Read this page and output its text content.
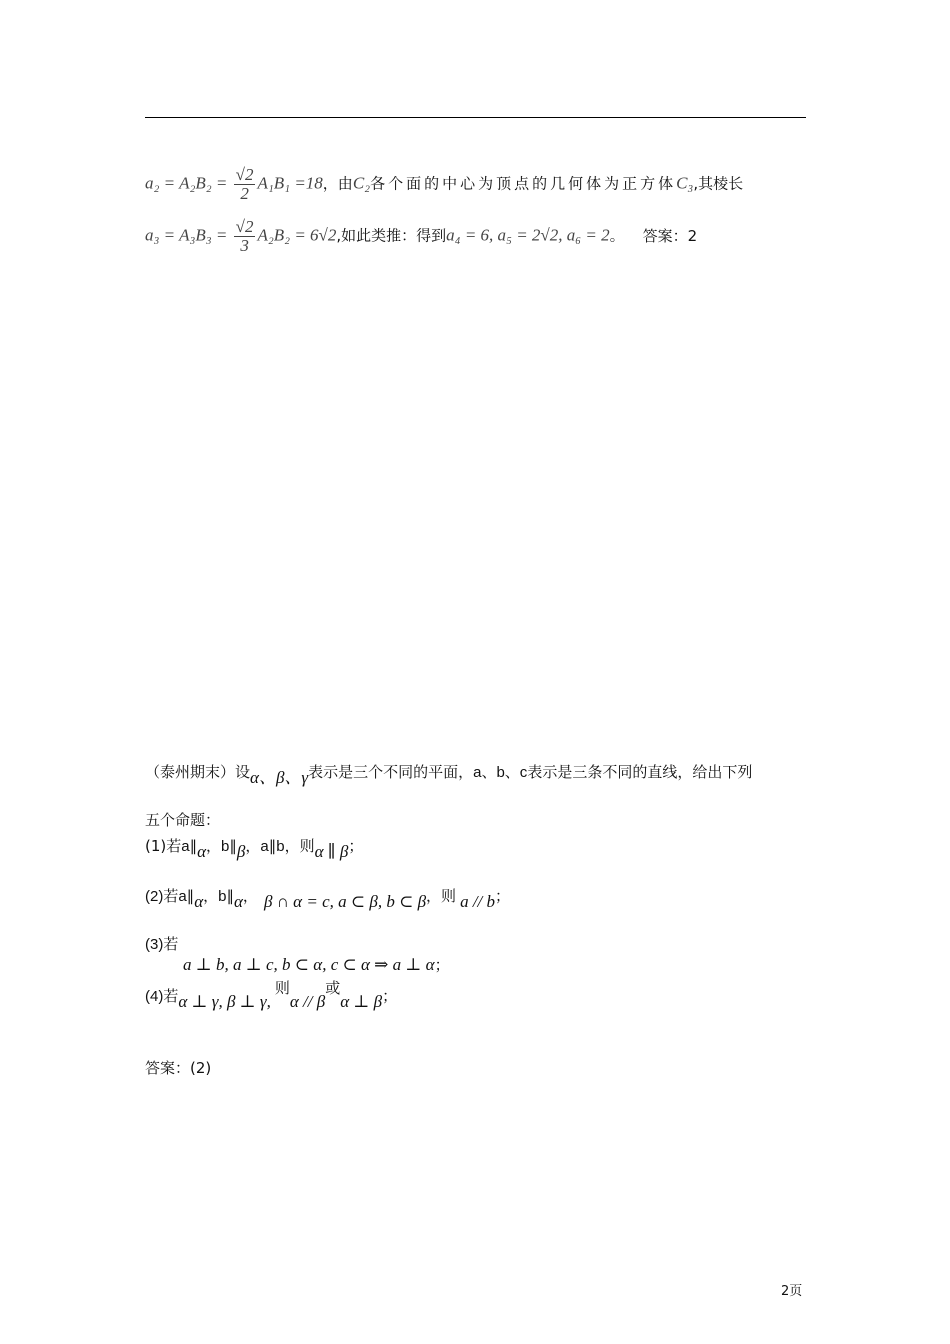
$a_2 = A_2B_2 = \frac{√2}{2} A_1B_1 =18$，由C₂各个面的中心为顶点的几何体为正方体C₃,其棱长
$a_3 = A_3B_3 = \frac{√2}{3} A_2B_2 = 6√2$,如此类推：得到a₄ = 6, a₅ = 2√2, a₆ = 2。 答案：2
（泰州期末）设α、β、γ表示是三个不同的平面，a、b、c表示是三条不同的直线，给出下列
五个命题：
(1)若a∥α，b∥β，a∥b，则α ∥ β；
(2)若a∥α，b∥α， β ∩ α = c, a ⊂ β, b ⊂ β，则 a // b；
(3)若
a ⊥ b, a ⊥ c, b ⊂ α, c ⊂ α ⇒ a ⊥ α；
(4)若α ⊥ γ, β ⊥ γ,则α // β或α ⊥ β；
答案：(2)
2页
